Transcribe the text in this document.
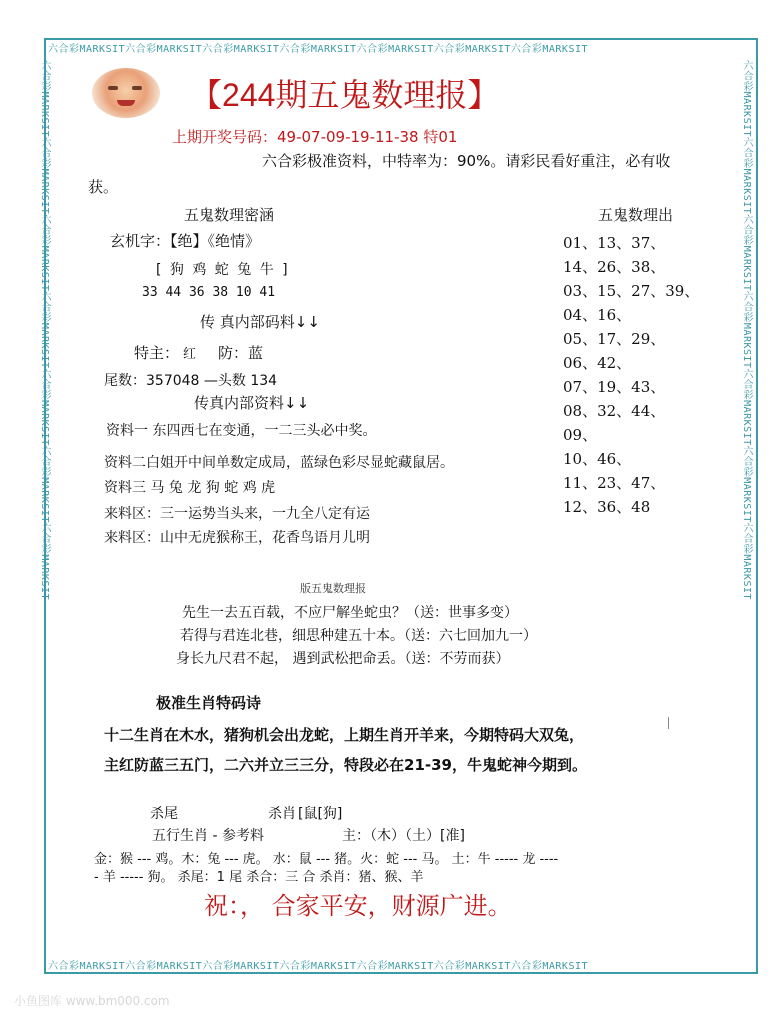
六合彩MARKSIT六合彩MARKSIT六合彩MARKSIT六合彩MARKSIT六合彩MARKSIT六合彩MARKSIT六合彩MARKSIT
六合彩MARKSIT六合彩MARKSIT六合彩MARKSIT六合彩MARKSIT六合彩MARKSIT六合彩MARKSIT六合彩MARKSIT
六合彩MARKSIT六合彩MARKSIT六合彩MARKSIT六合彩MARKSIT六合彩MARKSIT六合彩MARKSIT六合彩MARKSIT	六合彩MARKSIT六合彩MARKSIT六合彩MARKSIT六合彩MARKSIT六合彩MARKSIT六合彩MARKSIT六合彩MARKSIT
【244期五鬼数理报】
上期开奖号码：49-07-09-19-11-38 特01
六合彩极准资料，中特率为：90%。请彩民看好重注，必有收
获。
五鬼数理密涵	五鬼数理出
玄机字：【绝】《绝情》
[ 狗 鸡 蛇 兔 牛 ]
33 44 36 38 10 41
传 真内部码料↓↓
特主： 红 防：蓝
尾数：357048 —头数 134
传真内部资料↓↓
资料一 东四西七在变通，一二三头必中奖。
资料二白姐开中间单数定成局，蓝绿色彩尽显蛇藏鼠居。
资料三 马 兔 龙 狗 蛇 鸡 虎
来料区：三一运势当头来，一九全八定有运
来料区：山中无虎猴称王，花香鸟语月儿明
01、13、37、
14、26、38、
03、15、27、39、
04、16、
05、17、29、
06、42、
07、19、43、
08、32、44、
09、
10、46、
11、23、47、
12、36、48
版五鬼数理报
先生一去五百载，不应尸解坐蛇虫？（送：世事多变）
若得与君连北巷，细思种建五十本。（送：六七回加九一）
身长九尺君不起， 遇到武松把命丢。（送：不劳而获）
极准生肖特码诗
十二生肖在木水，猪狗机会出龙蛇，上期生肖开羊来，今期特码大双兔，
主红防蓝三五门，二六并立三三分，特段必在21-39，牛鬼蛇神今期到。
杀尾	杀肖 [鼠[狗]
五行生肖 - 参考料	主：（木）（土）[准]
金：猴 --- 鸡。木：兔 --- 虎。 水：鼠 --- 猪。火：蛇 --- 马。 土：牛 ----- 龙 ----
- 羊 ----- 狗。 杀尾：1 尾 杀合：三 合 杀肖：猪、猴、羊
祝：， 合家平安，财源广进。
小鱼图库 www.bm000.com
